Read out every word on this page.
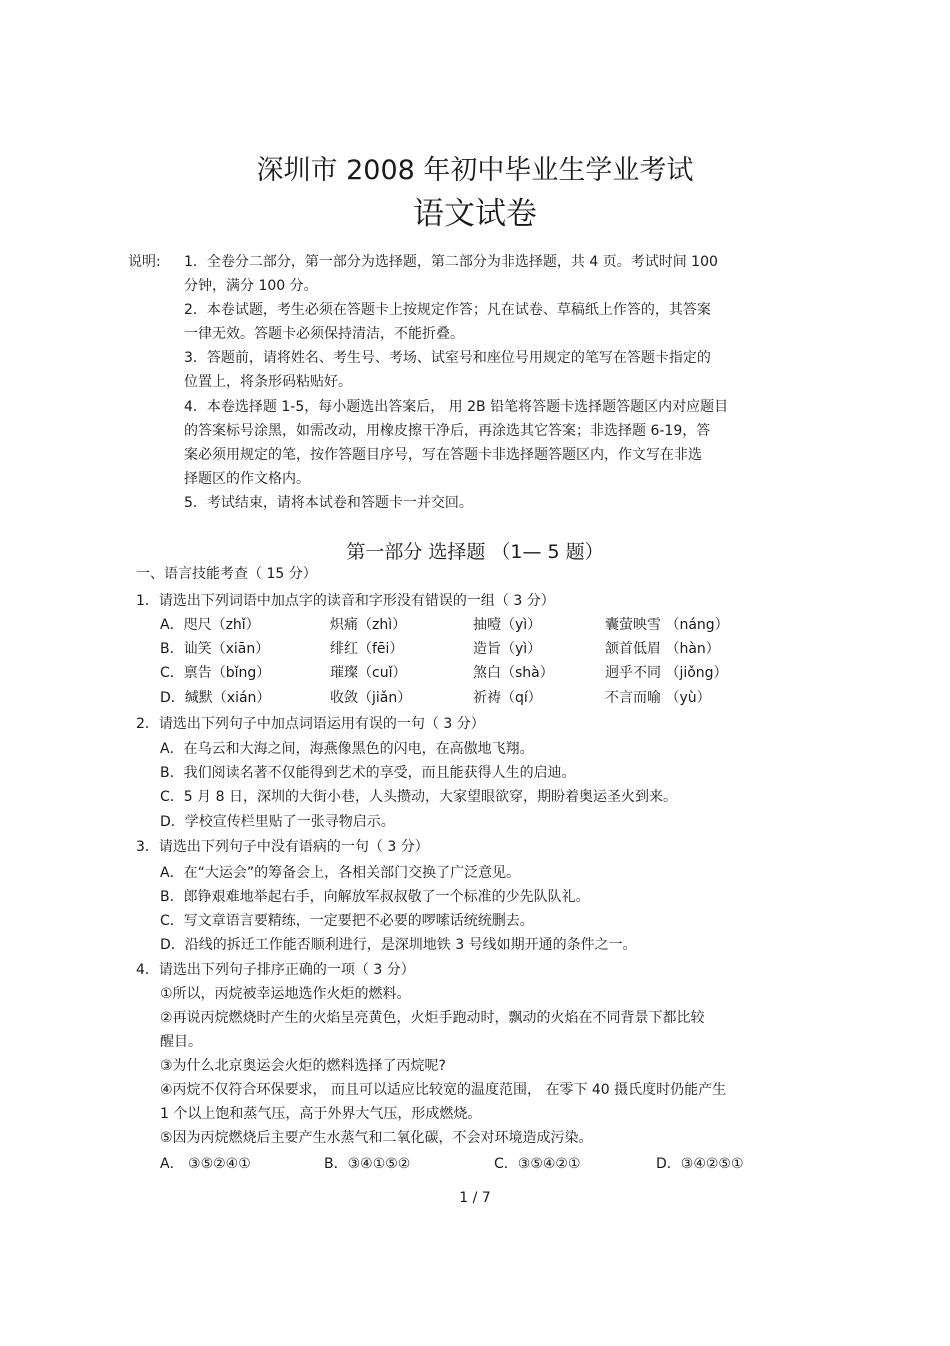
深圳市 2008 年初中毕业生学业考试
语文试卷
说明: 1．全卷分二部分，第一部分为选择题，第二部分为非选择题，共 4 页。考试时间 100
分钟，满分 100 分。
2．本卷试题，考生必须在答题卡上按规定作答；凡在试卷、草稿纸上作答的，其答案
一律无效。答题卡必须保持清洁，不能折叠。
3．答题前，请将姓名、考生号、考场、试室号和座位号用规定的笔写在答题卡指定的
位置上，将条形码粘贴好。
4．本卷选择题 1-5，每小题选出答案后， 用 2B 铅笔将答题卡选择题答题区内对应题目
的答案标号涂黑，如需改动，用橡皮擦干净后，再涂选其它答案；非选择题 6-19，答
案必须用规定的笔，按作答题目序号，写在答题卡非选择题答题区内，作文写在非选
择题区的作文格内。
5．考试结束，请将本试卷和答题卡一并交回。
第一部分 选择题 （1— 5 题）
一、语言技能考查（ 15 分）
1．请选出下列词语中加点字的读音和字形没有错误的一组（ 3 分）
A．咫尺（zhǐ）	炽痛（zhì）	抽噎（yì）	囊萤映雪 （náng）
B．讪笑（xiān）	绯红（fēi）	造旨（yì）	颔首低眉 （hàn）
C．禀告（bǐng）	璀璨（cuǐ）	煞白（shà）	迥乎不同 （jiǒng）
D．缄默（xián）	收敛（jiǎn）	祈祷（qí）	不言而喻 （yù）
2．请选出下列句子中加点词语运用有误的一句（ 3 分）
A．在乌云和大海之间，海燕像黑色的闪电，在高傲地飞翔。
B．我们阅读名著不仅能得到艺术的享受，而且能获得人生的启迪。
C．5 月 8 日，深圳的大街小巷，人头攒动，大家望眼欲穿，期盼着奥运圣火到来。
D．学校宣传栏里贴了一张寻物启示。
3．请选出下列句子中没有语病的一句（ 3 分）
A．在“大运会”的筹备会上，各相关部门交换了广泛意见。
B．郎铮艰难地举起右手，向解放军叔叔敬了一个标准的少先队队礼。
C．写文章语言要精练，一定要把不必要的啰嗦话统统删去。
D．沿线的拆迁工作能否顺利进行，是深圳地铁 3 号线如期开通的条件之一。
4．请选出下列句子排序正确的一项（ 3 分）
①所以，丙烷被幸运地选作火炬的燃料。
②再说丙烷燃烧时产生的火焰呈亮黄色，火炬手跑动时，飘动的火焰在不同背景下都比较
醒目。
③为什么北京奥运会火炬的燃料选择了丙烷呢?
④丙烷不仅符合环保要求， 而且可以适应比较宽的温度范围， 在零下 40 摄氏度时仍能产生
1 个以上饱和蒸气压，高于外界大气压，形成燃烧。
⑤因为丙烷燃烧后主要产生水蒸气和二氧化碳，不会对环境造成污染。
A． ③⑤②④①	B．③④①⑤②	C．③⑤④②①	D．③④②⑤①
1 / 7
